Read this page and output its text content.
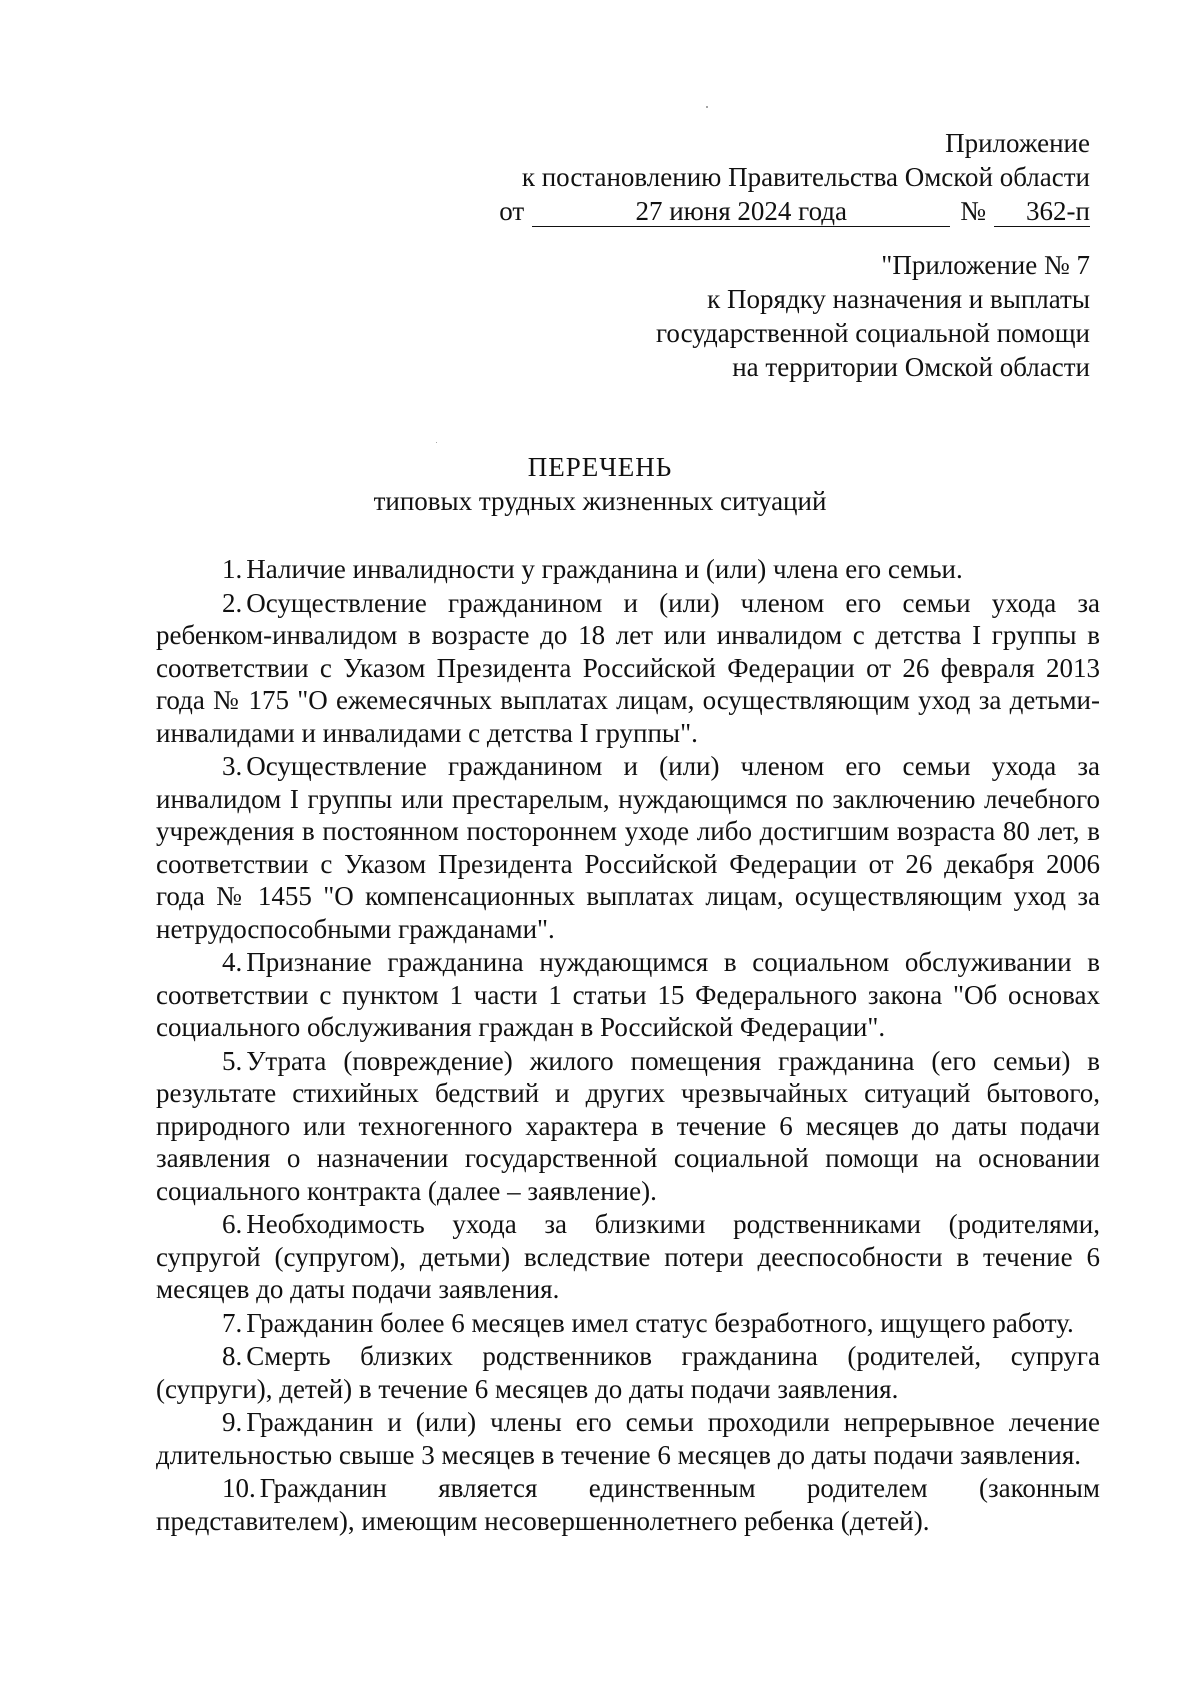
Приложение
к постановлению Правительства Омской области
от	27 июня 2024 года	№	362-п
"Приложение № 7
к Порядку назначения и выплаты
государственной социальной помощи
на территории Омской области
ПЕРЕЧЕНЬ
типовых трудных жизненных ситуаций

1. Наличие инвалидности у гражданина и (или) члена его семьи.

2. Осуществление гражданином и (или) членом его семьи ухода за ребенком-инвалидом в возрасте до 18 лет или инвалидом с детства I группы в соответствии с Указом Президента Российской Федерации от 26 февраля 2013 года № 175 "О ежемесячных выплатах лицам, осуществляющим уход за детьми-инвалидами и инвалидами с детства I группы".

3. Осуществление гражданином и (или) членом его семьи ухода за инвалидом I группы или престарелым, нуждающимся по заключению лечебного учреждения в постоянном постороннем уходе либо достигшим возраста 80 лет, в соответствии с Указом Президента Российской Федерации от 26 декабря 2006 года № 1455 "О компенсационных выплатах лицам, осуществляющим уход за нетрудоспособными гражданами".

4. Признание гражданина нуждающимся в социальном обслуживании в соответствии с пунктом 1 части 1 статьи 15 Федерального закона "Об основах социального обслуживания граждан в Российской Федерации".

5. Утрата (повреждение) жилого помещения гражданина (его семьи) в результате стихийных бедствий и других чрезвычайных ситуаций бытового, природного или техногенного характера в течение 6 месяцев до даты подачи заявления о назначении государственной социальной помощи на основании социального контракта (далее – заявление).

6. Необходимость ухода за близкими родственниками (родителями, супругой (супругом), детьми) вследствие потери дееспособности в течение 6 месяцев до даты подачи заявления.

7. Гражданин более 6 месяцев имел статус безработного, ищущего работу.

8. Смерть близких родственников гражданина (родителей, супруга (супруги), детей) в течение 6 месяцев до даты подачи заявления.

9. Гражданин и (или) члены его семьи проходили непрерывное лечение длительностью свыше 3 месяцев в течение 6 месяцев до даты подачи заявления.

10. Гражданин является единственным родителем (законным представителем), имеющим несовершеннолетнего ребенка (детей).
